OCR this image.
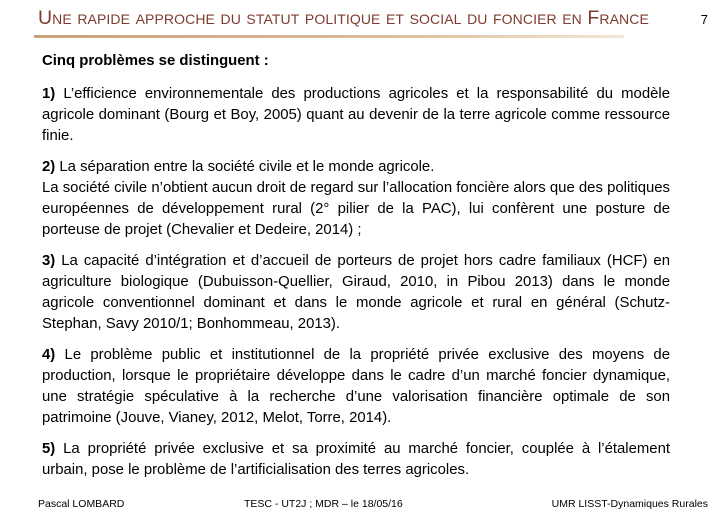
Une rapide approche du statut politique et social du foncier en France	7
Cinq problèmes se distinguent :

1) L’efficience environnementale des productions agricoles et la responsabilité du modèle agricole dominant (Bourg et Boy, 2005) quant au devenir de la terre agricole comme ressource finie.

2) La séparation entre la société civile et le monde agricole.

La société civile n’obtient aucun droit de regard sur l’allocation foncière alors que des politiques européennes de développement rural (2° pilier de la PAC), lui confèrent une posture de porteuse de projet (Chevalier et Dedeire, 2014) ;

3) La capacité d’intégration et d’accueil de porteurs de projet hors cadre familiaux (HCF) en agriculture biologique (Dubuisson-Quellier, Giraud, 2010, in Pibou 2013) dans le monde agricole conventionnel dominant et dans le monde agricole et rural en général (Schutz-Stephan, Savy 2010/1; Bonhommeau, 2013).

4) Le problème public et institutionnel de la propriété privée exclusive des moyens de production, lorsque le propriétaire développe dans le cadre d’un marché foncier dynamique, une stratégie spéculative à la recherche d’une valorisation financière optimale de son patrimoine (Jouve, Vianey, 2012, Melot, Torre, 2014).

5) La propriété privée exclusive et sa proximité au marché foncier, couplée à l’étalement urbain, pose le problème de l’artificialisation des terres agricoles.

Pascal LOMBARD	TESC - UT2J ; MDR – le 18/05/16	UMR LISST-Dynamiques Rurales
